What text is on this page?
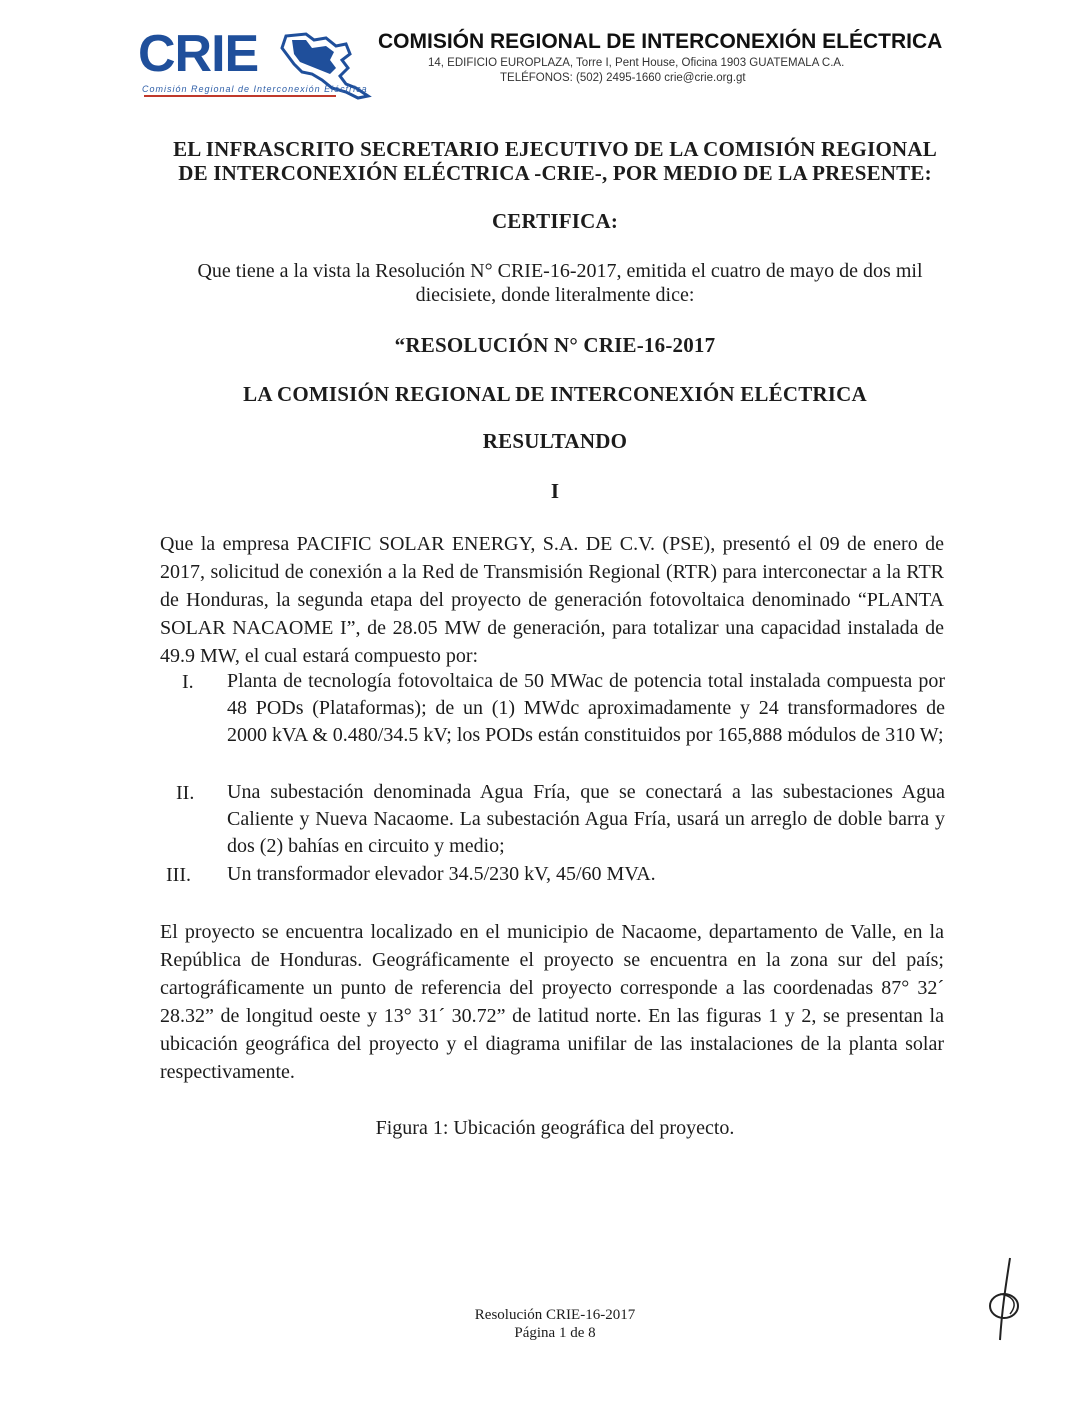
CRIE
Comisión Regional de Interconexión Eléctrica
COMISIÓN REGIONAL DE INTERCONEXIÓN ELÉCTRICA
14, EDIFICIO EUROPLAZA, Torre I, Pent House, Oficina 1903 GUATEMALA C.A.
TELÉFONOS: (502) 2495-1660 crie@crie.org.gt
EL INFRASCRITO SECRETARIO EJECUTIVO DE LA COMISIÓN REGIONAL
DE INTERCONEXIÓN ELÉCTRICA -CRIE-, POR MEDIO DE LA PRESENTE:
CERTIFICA:
Que tiene a la vista la Resolución N° CRIE-16-2017, emitida el cuatro de mayo de dos mil
diecisiete, donde literalmente dice:
“RESOLUCIÓN N° CRIE-16-2017
LA COMISIÓN REGIONAL DE INTERCONEXIÓN ELÉCTRICA
RESULTANDO
I
Que la empresa PACIFIC SOLAR ENERGY, S.A. DE C.V. (PSE), presentó el 09 de enero de 2017, solicitud de conexión a la Red de Transmisión Regional (RTR) para interconectar a la RTR de Honduras, la segunda etapa del proyecto de generación fotovoltaica denominado “PLANTA SOLAR NACAOME I”, de 28.05 MW de generación, para totalizar una capacidad instalada de 49.9 MW, el cual estará compuesto por:
I.	Planta de tecnología fotovoltaica de 50 MWac de potencia total instalada compuesta por 48 PODs (Plataformas); de un (1) MWdc aproximadamente y 24 transformadores de 2000 kVA & 0.480/34.5 kV; los PODs están constituidos por 165,888 módulos de 310 W;
II.	Una subestación denominada Agua Fría, que se conectará a las subestaciones Agua Caliente y Nueva Nacaome. La subestación Agua Fría, usará un arreglo de doble barra y dos (2) bahías en circuito y medio;
III.	Un transformador elevador 34.5/230 kV, 45/60 MVA.
El proyecto se encuentra localizado en el municipio de Nacaome, departamento de Valle, en la República de Honduras. Geográficamente el proyecto se encuentra en la zona sur del país; cartográficamente un punto de referencia del proyecto corresponde a las coordenadas 87° 32´ 28.32” de longitud oeste y 13° 31´ 30.72” de latitud norte. En las figuras 1 y 2, se presentan la ubicación geográfica del proyecto y el diagrama unifilar de las instalaciones de la planta solar respectivamente.
Figura 1: Ubicación geográfica del proyecto.
Resolución CRIE-16-2017
Página 1 de 8
